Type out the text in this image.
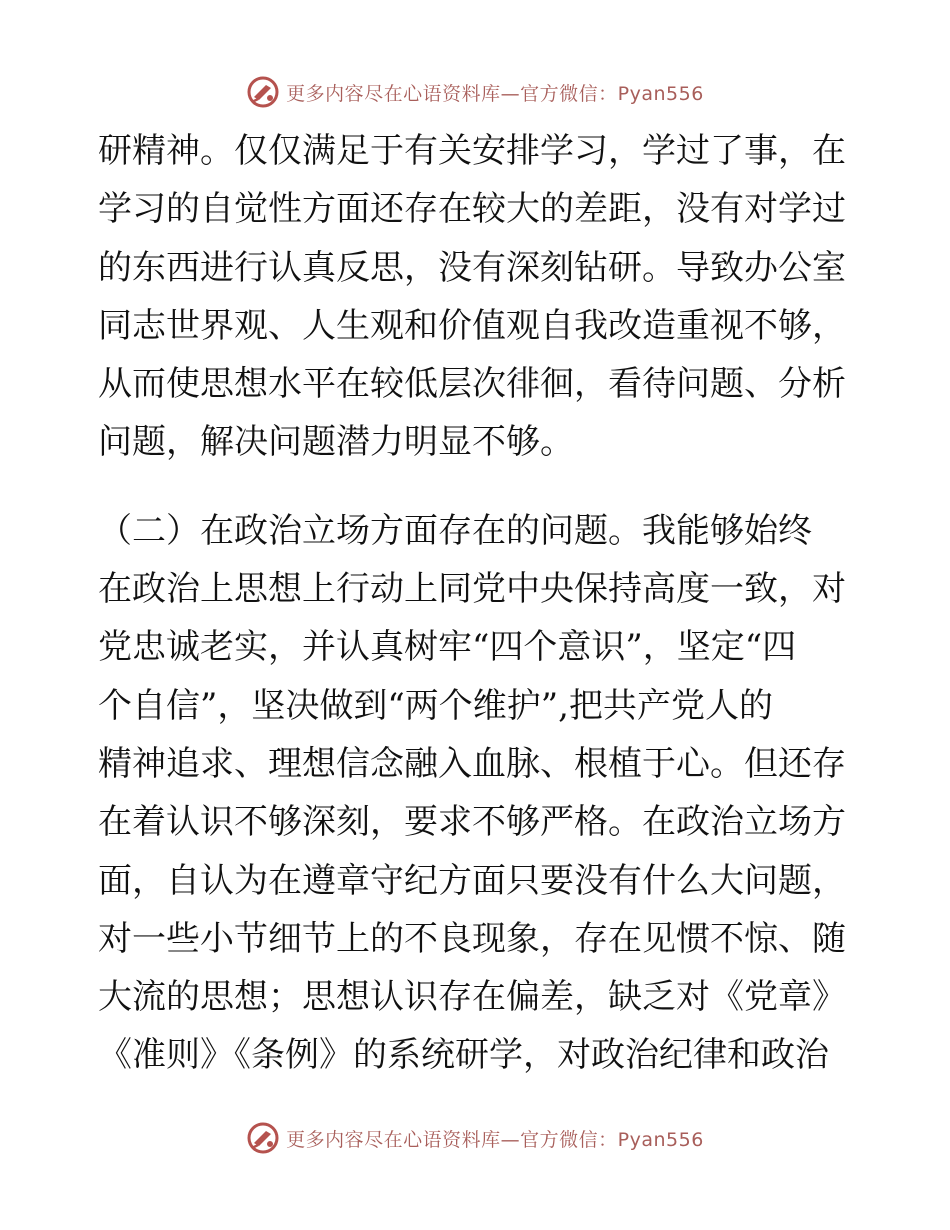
更多内容尽在心语资料库—官方微信：Pyan556
研精神。仅仅满足于有关安排学习，学过了事，在
学习的自觉性方面还存在较大的差距，没有对学过
的东西进行认真反思，没有深刻钻研。导致办公室
同志世界观、人生观和价值观自我改造重视不够，
从而使思想水平在较低层次徘徊，看待问题、分析
问题，解决问题潜力明显不够。
（二）在政治立场方面存在的问题。我能够始终
在政治上思想上行动上同党中央保持高度一致，对
党忠诚老实，并认真树牢“四个意识”，坚定“四
个自信”，坚决做到“两个维护”,把共产党人的
精神追求、理想信念融入血脉、根植于心。但还存
在着认识不够深刻，要求不够严格。在政治立场方
面，自认为在遵章守纪方面只要没有什么大问题，
对一些小节细节上的不良现象，存在见惯不惊、随
大流的思想；思想认识存在偏差，缺乏对《党章》
《准则》《条例》的系统研学，对政治纪律和政治
更多内容尽在心语资料库—官方微信：Pyan556
